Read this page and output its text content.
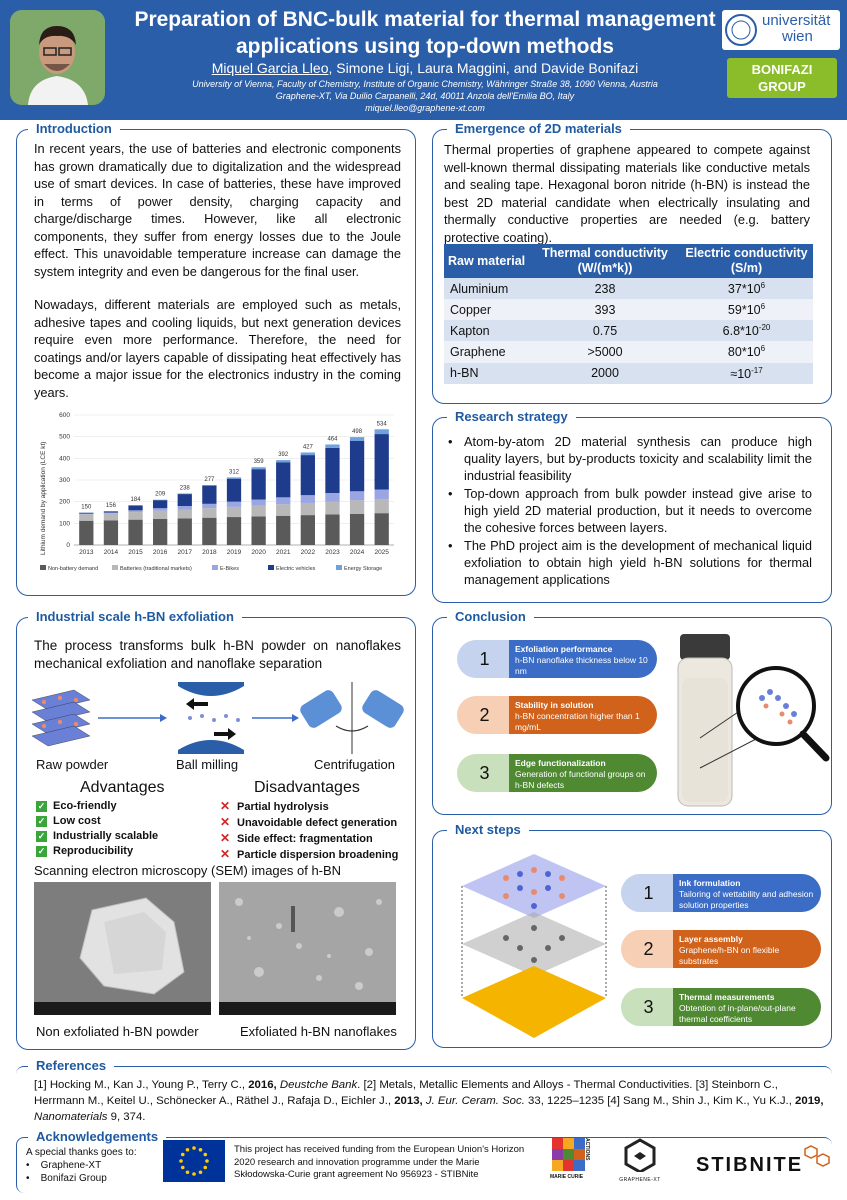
Preparation of BNC-bulk material for thermal management
applications using top-down methods
Miquel Garcia Lleo, Simone Ligi, Laura Maggini, and Davide Bonifazi
University of Vienna, Faculty of Chemistry, Institute of Organic Chemistry, Währinger Straße 38, 1090 Vienna, Austria
Graphene-XT, Via Duilio Carpanelli, 24d, 40011 Anzola dell'Emilia BO, Italy
miquel.lleo@graphene-xt.com
universität
wien
BONIFAZI
GROUP
Introduction
In recent years, the use of batteries and electronic components has grown dramatically due to digitalization and the widespread use of smart devices. In case of batteries, these have improved in terms of power density, charging capacity and charge/discharge times. However, like all electronic components, they suffer from energy losses due to the Joule effect. This unavoidable temperature increase can damage the system integrity and even be dangerous for the final user.
Nowadays, different materials are employed such as metals, adhesive tapes and cooling liquids, but next generation devices require even more performance. Therefore, the need for coatings and/or layers capable of dissipating heat effectively has become a major issue for the electronics industry in the coming years.
Lithium demand by application (LCE kt)	0
100
200
300
400
500
600
150
2013
156
2014
184
2015
209
2016
238
2017
277
2018
312
2019
359
2020
392
2021
427
2022
464
2023
498
2024
534
2025
Non-battery demand	Batteries (traditional markets)	E-Bikes	Electric vehicles	Energy Storage
Emergence of 2D materials
Thermal properties of graphene appeared to compete against well-known thermal dissipating materials like conductive metals and sealing tape. Hexagonal boron nitride (h-BN) is instead the best 2D material candidate when electrically insulating and thermally conductive properties are needed (e.g. battery protective coating).
Raw material	Thermal conductivity (W/(m*k))	Electric conductivity (S/m)
Aluminium	238	$37*10^6$
Copper	393	$59*10^6$
Kapton	0.75	$6.8*10^{-20}$
Graphene	>5000	$80*10^6$
h-BN	2000	$\approx 10^{-17}$
Research strategy
• Atom-by-atom 2D material synthesis can produce high quality layers, but by-products toxicity and scalability limit the industrial feasibility
• Top-down approach from bulk powder instead give arise to high yield 2D material production, but it needs to overcome the cohesive forces between layers.
• The PhD project aim is the development of mechanical liquid exfoliation to obtain high yield h-BN solutions for thermal management applications
Industrial scale h-BN exfoliation
The process transforms bulk h-BN powder on nanoflakes mechanical exfoliation and nanoflake separation
Raw powder	Ball milling	Centrifugation
Advantages	Disadvantages
✓ Eco-friendly
✓ Low cost
✓ Industrially scalable
✓ Reproducibility
✕ Partial hydrolysis
✕ Unavoidable defect generation
✕ Side effect: fragmentation
✕ Particle dispersion broadening
Scanning electron microscopy (SEM) images of h-BN
Non exfoliated h-BN powder	Exfoliated h-BN nanoflakes
Conclusion
1	Exfoliation performance
h-BN nanoflake thickness below 10 nm
2	Stability in solution
h-BN concentration higher than 1 mg/mL
3	Edge functionalization
Generation of functional groups on h-BN defects
Next steps
1	Ink formulation
Tailoring of wettability and adhesion solution properties
2	Layer assembly
Graphene/h-BN on flexible substrates
3	Thermal measurements
Obtention of in-plane/out-plane thermal coefficients
References
[1] Hocking M., Kan J., Young P., Terry C., 2016, Deustche Bank. [2] Metals, Metallic Elements and Alloys - Thermal Conductivities. [3] Steinborn C., Herrmann M., Keitel U., Schönecker A., Räthel J., Rafaja D., Eichler J., 2013, J. Eur. Ceram. Soc. 33, 1225–1235 [4] Sang M., Shin J., Kim K., Yu K.J., 2019, Nanomaterials 9, 374.
Acknowledgements
A special thanks goes to:
•    Graphene-XT
•    Bonifazi Group
This project has received funding from the European Union's Horizon 2020 research and innovation programme under the Marie Skłodowska-Curie grant agreement No 956923 - STIBNite	MARIE CURIE
ACTIONS
GRAPHENE-XT
STIBNITE
